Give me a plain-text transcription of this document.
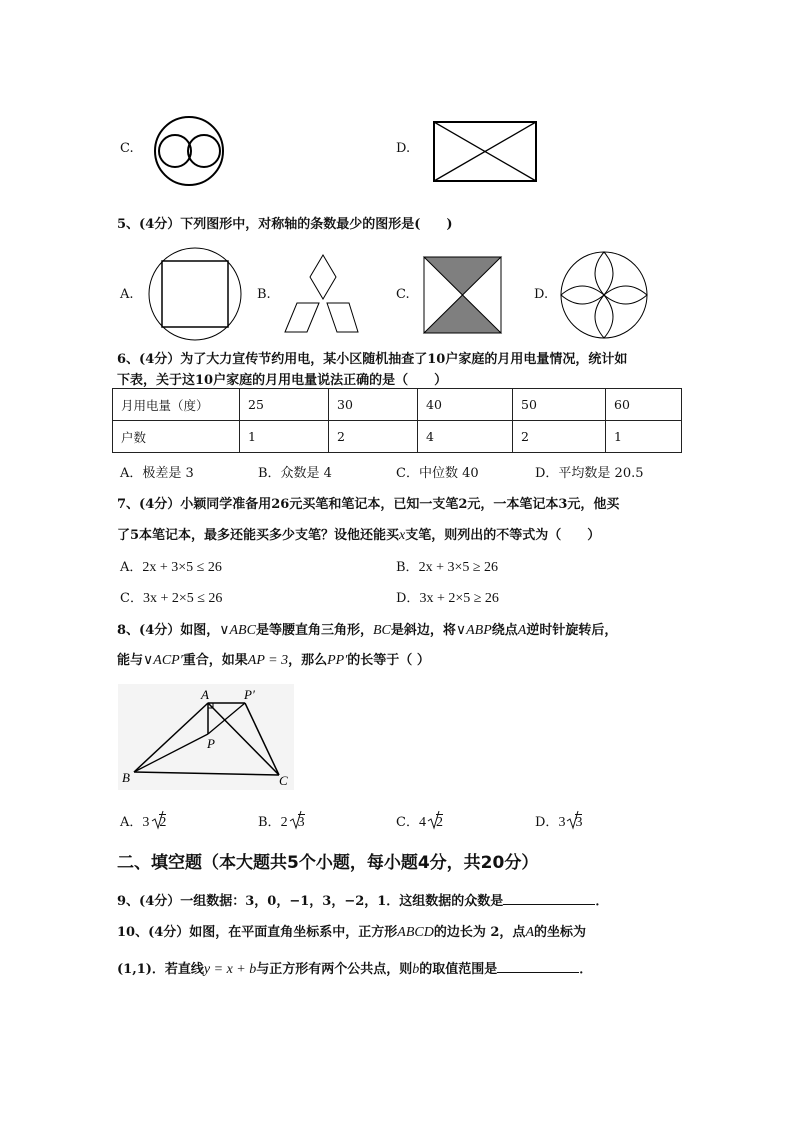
C.	D.
5、(4分）下列图形中，对称轴的条数最少的图形是(　　)
A.	B.	C.	D.
6、(4分）为了大力宣传节约用电，某小区随机抽查了10户家庭的月用电量情况，统计如
下表，关于这10户家庭的月用电量说法正确的是（　　）
月用电量（度）	25	30	40	50	60
户数	1	2	4	2	1
A．极差是 3	B．众数是 4	C．中位数 40	D．平均数是 20.5
7、(4分）小颖同学准备用26元买笔和笔记本，已知一支笔2元，一本笔记本3元，他买
了5本笔记本，最多还能买多少支笔？设他还能买x支笔，则列出的不等式为（　　）
A．2x + 3×5 ≤ 26	B．2x + 3×5 ≥ 26
C．3x + 2×5 ≤ 26	D．3x + 2×5 ≥ 26
8、(4分）如图，∨ABC是等腰直角三角形，BC是斜边，将∨ABP绕点A逆时针旋转后，
能与∨ACP′重合，如果AP = 3，那么PP′的长等于（ ）
A	P′
P
B	C
A．3 2	B．2 3	C．4 2	D．3 3
二、填空题（本大题共5个小题，每小题4分，共20分）
9、(4分）一组数据：3，0，−1，3，−2，1．这组数据的众数是	．
10、(4分）如图，在平面直角坐标系中，正方形ABCD的边长为 2，点A的坐标为
(1,1)．若直线y = x + b与正方形有两个公共点，则b的取值范围是	．
